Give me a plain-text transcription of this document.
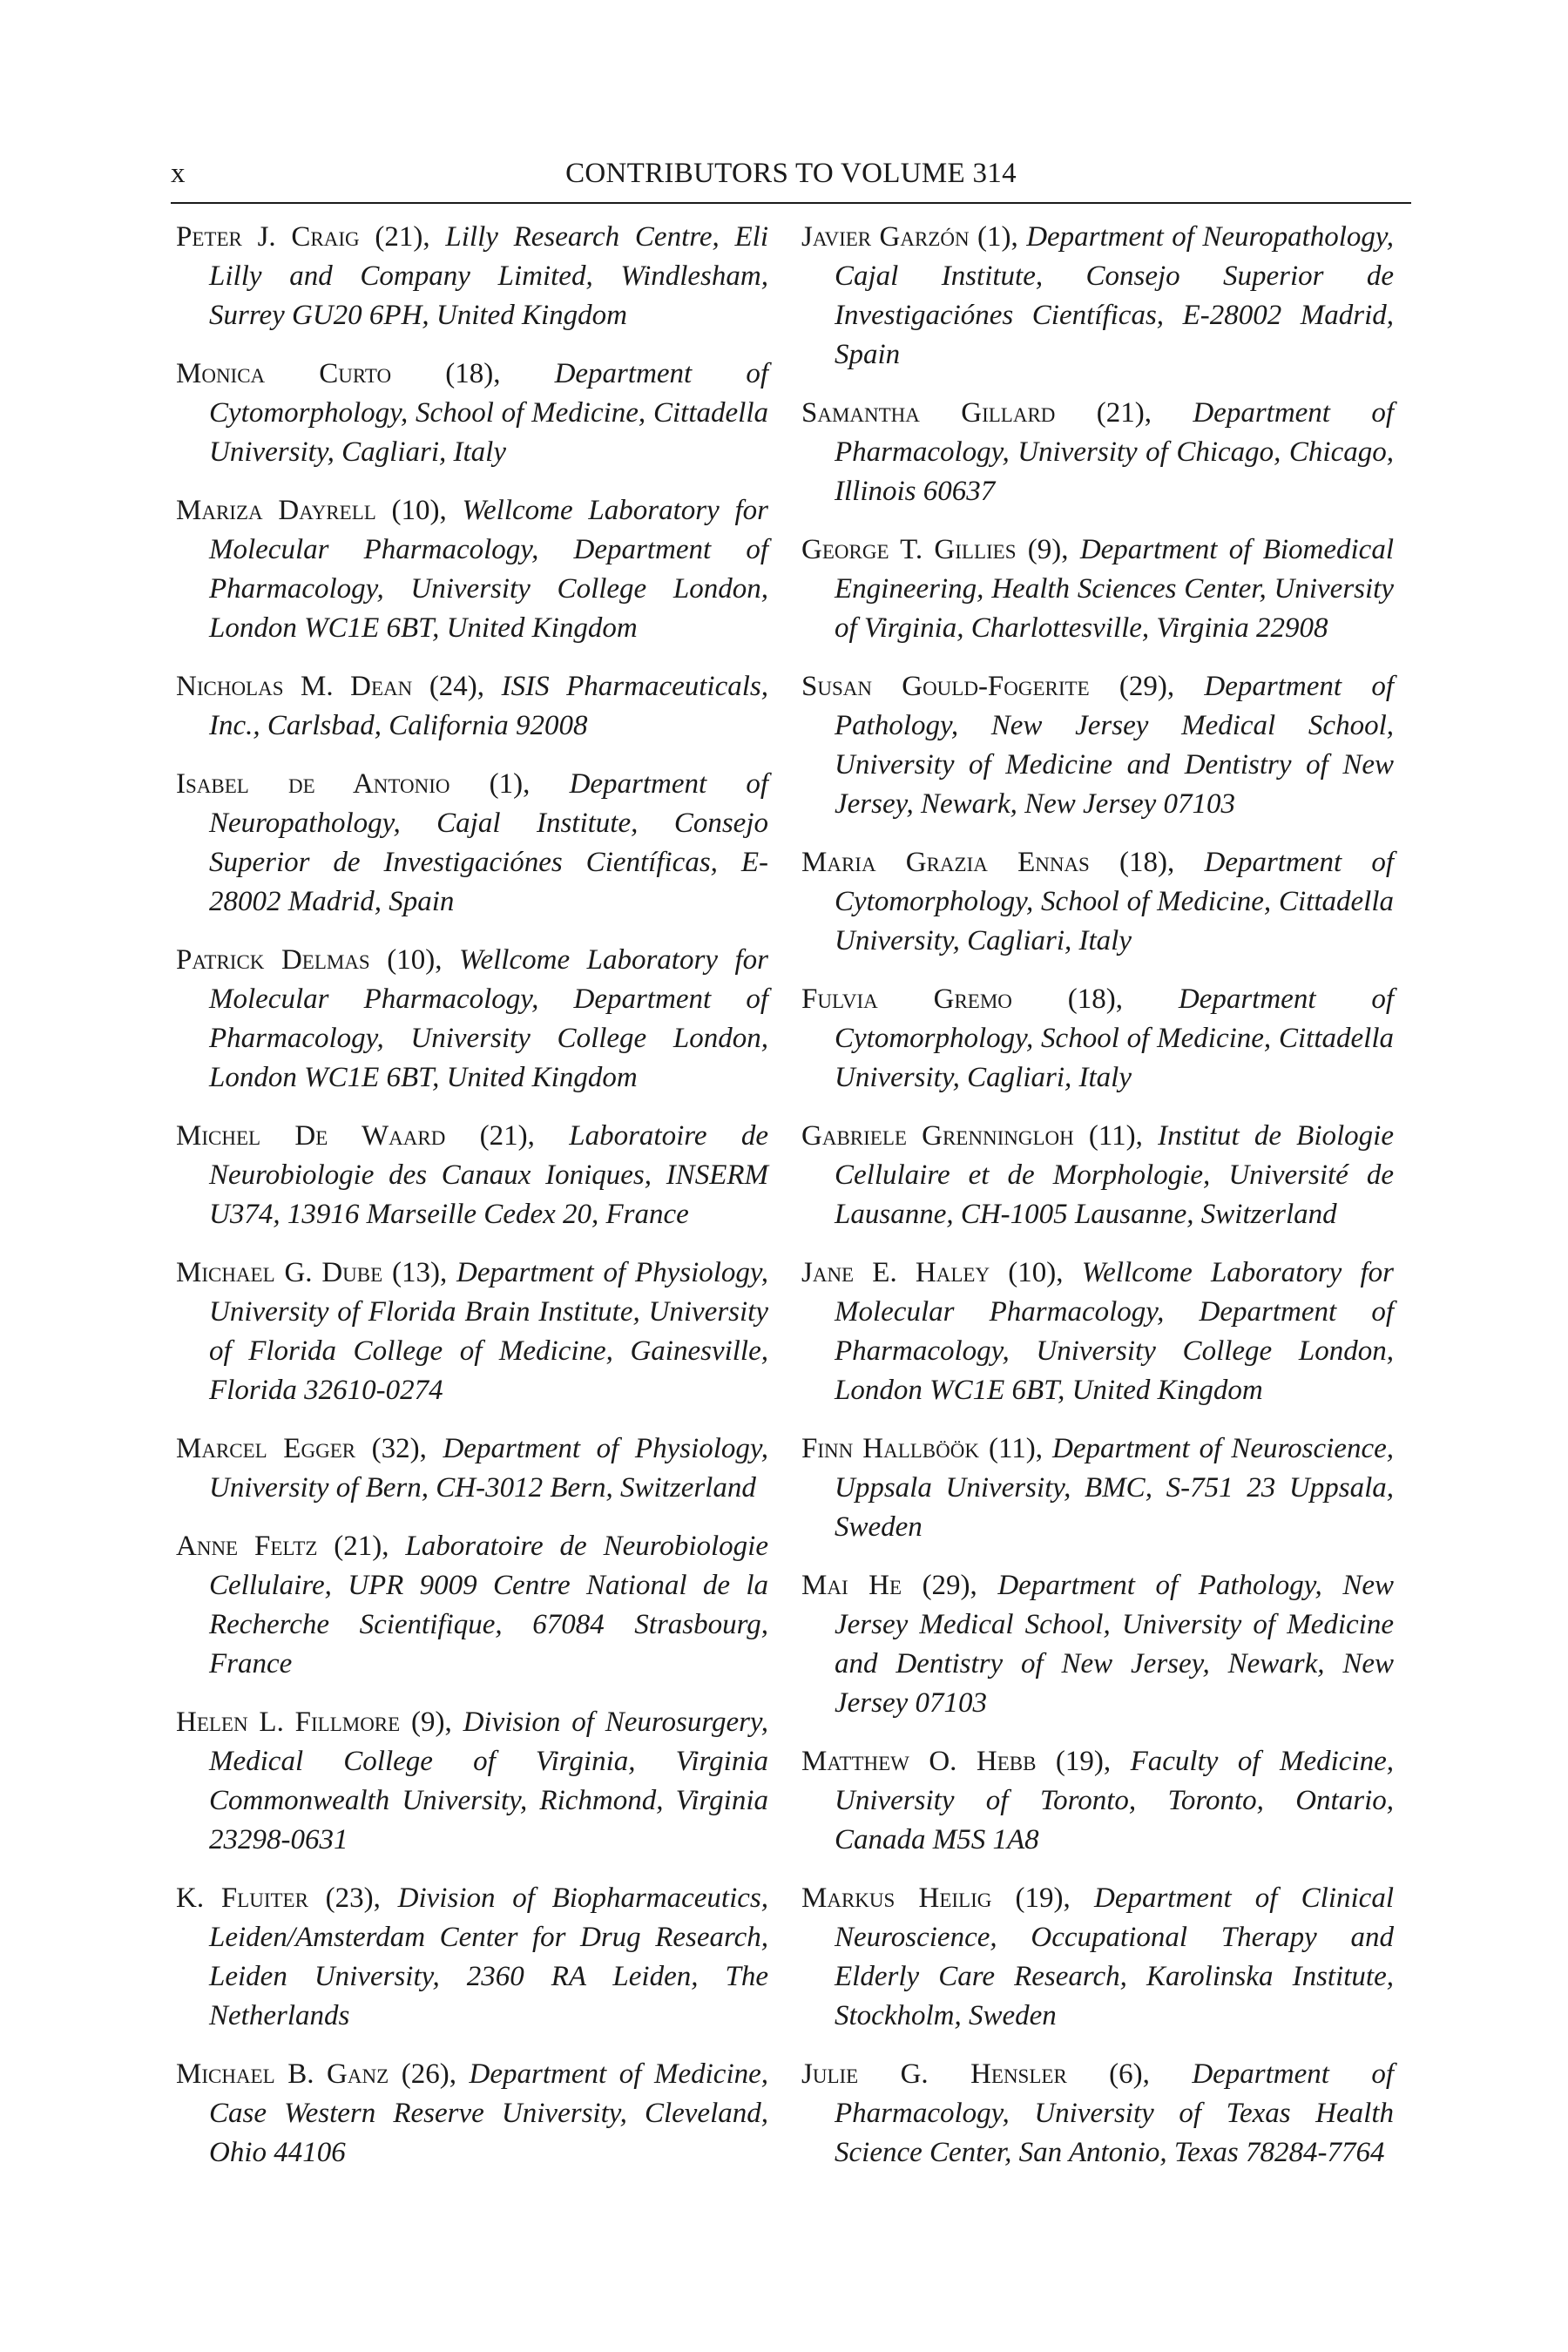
x	CONTRIBUTORS TO VOLUME 314

Peter J. Craig (21), Lilly Research Centre, Eli Lilly and Company Limited, Windlesham, Surrey GU20 6PH, United Kingdom

Monica Curto (18), Department of Cytomorphology, School of Medicine, Cittadella University, Cagliari, Italy

Mariza Dayrell (10), Wellcome Laboratory for Molecular Pharmacology, Department of Pharmacology, University College London, London WC1E 6BT, United Kingdom

Nicholas M. Dean (24), ISIS Pharmaceuticals, Inc., Carlsbad, California 92008

Isabel de Antonio (1), Department of Neuropathology, Cajal Institute, Consejo Superior de Investigaciónes Científicas, E-28002 Madrid, Spain

Patrick Delmas (10), Wellcome Laboratory for Molecular Pharmacology, Department of Pharmacology, University College London, London WC1E 6BT, United Kingdom

Michel De Waard (21), Laboratoire de Neurobiologie des Canaux Ioniques, INSERM U374, 13916 Marseille Cedex 20, France

Michael G. Dube (13), Department of Physiology, University of Florida Brain Institute, University of Florida College of Medicine, Gainesville, Florida 32610-0274

Marcel Egger (32), Department of Physiology, University of Bern, CH-3012 Bern, Switzerland

Anne Feltz (21), Laboratoire de Neurobiologie Cellulaire, UPR 9009 Centre National de la Recherche Scientifique, 67084 Strasbourg, France

Helen L. Fillmore (9), Division of Neurosurgery, Medical College of Virginia, Virginia Commonwealth University, Richmond, Virginia 23298-0631

K. Fluiter (23), Division of Biopharmaceutics, Leiden/Amsterdam Center for Drug Research, Leiden University, 2360 RA Leiden, The Netherlands

Michael B. Ganz (26), Department of Medicine, Case Western Reserve University, Cleveland, Ohio 44106

Javier Garzón (1), Department of Neuropathology, Cajal Institute, Consejo Superior de Investigaciónes Científicas, E-28002 Madrid, Spain

Samantha Gillard (21), Department of Pharmacology, University of Chicago, Chicago, Illinois 60637

George T. Gillies (9), Department of Biomedical Engineering, Health Sciences Center, University of Virginia, Charlottesville, Virginia 22908

Susan Gould-Fogerite (29), Department of Pathology, New Jersey Medical School, University of Medicine and Dentistry of New Jersey, Newark, New Jersey 07103

Maria Grazia Ennas (18), Department of Cytomorphology, School of Medicine, Cittadella University, Cagliari, Italy

Fulvia Gremo (18), Department of Cytomorphology, School of Medicine, Cittadella University, Cagliari, Italy

Gabriele Grenningloh (11), Institut de Biologie Cellulaire et de Morphologie, Université de Lausanne, CH-1005 Lausanne, Switzerland

Jane E. Haley (10), Wellcome Laboratory for Molecular Pharmacology, Department of Pharmacology, University College London, London WC1E 6BT, United Kingdom

Finn Hallböök (11), Department of Neuroscience, Uppsala University, BMC, S-751 23 Uppsala, Sweden

Mai He (29), Department of Pathology, New Jersey Medical School, University of Medicine and Dentistry of New Jersey, Newark, New Jersey 07103

Matthew O. Hebb (19), Faculty of Medicine, University of Toronto, Toronto, Ontario, Canada M5S 1A8

Markus Heilig (19), Department of Clinical Neuroscience, Occupational Therapy and Elderly Care Research, Karolinska Institute, Stockholm, Sweden

Julie G. Hensler (6), Department of Pharmacology, University of Texas Health Science Center, San Antonio, Texas 78284-7764
